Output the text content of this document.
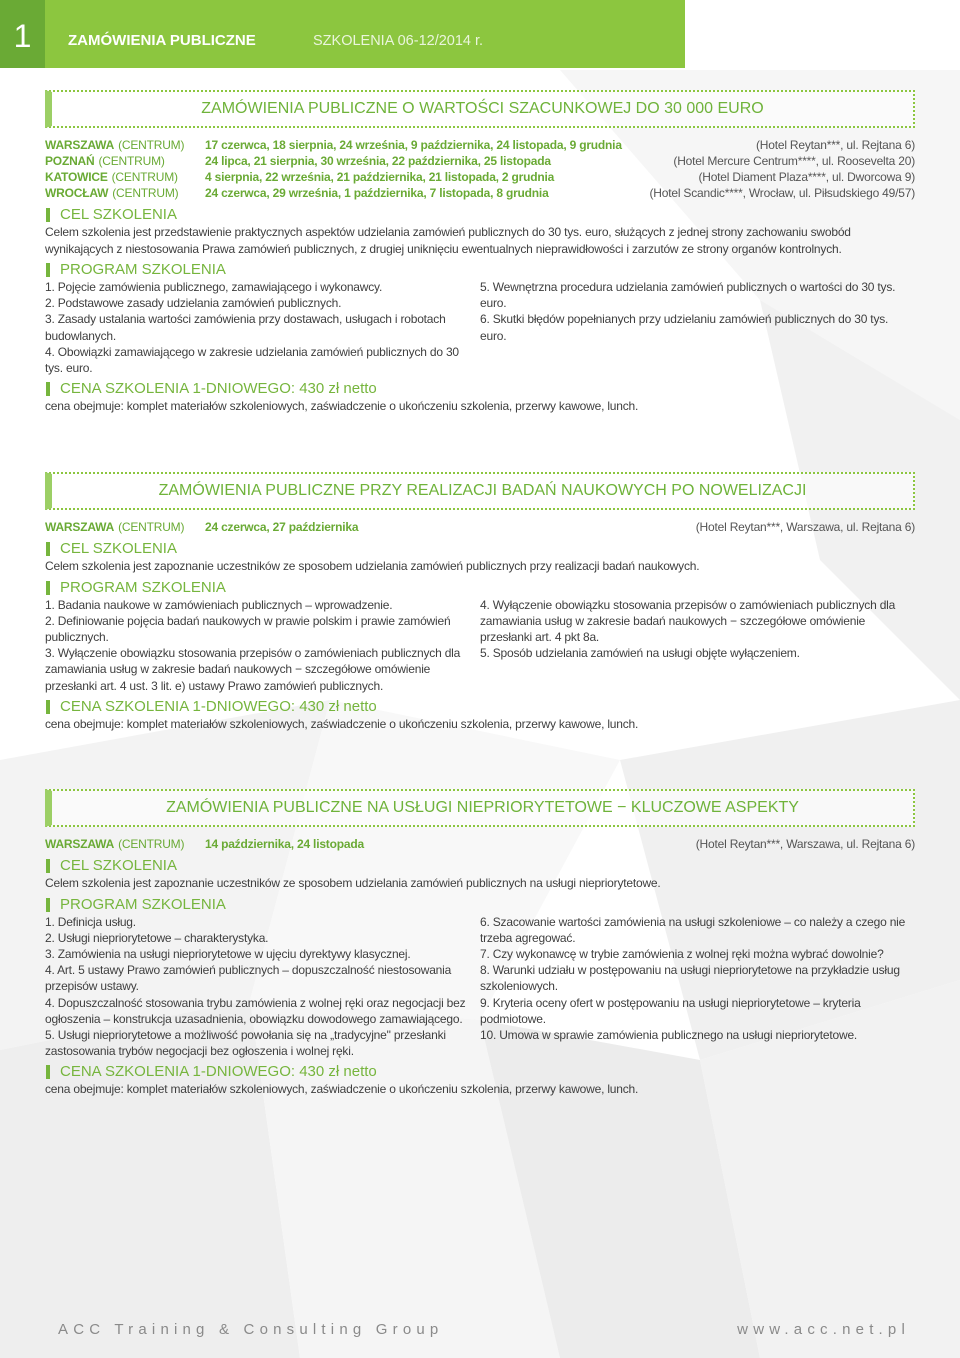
1	ZAMÓWIENIA PUBLICZNE	SZKOLENIA 06-12/2014 r.
ZAMÓWIENIA PUBLICZNE O WARTOŚCI SZACUNKOWEJ DO 30 000 EURO
WARSZAWA (CENTRUM)	17 czerwca, 18 sierpnia, 24 września, 9 października, 24 listopada, 9 grudnia	(Hotel Reytan***, ul. Rejtana 6)
POZNAŃ (CENTRUM)	24 lipca, 21 sierpnia, 30 września, 22 października, 25 listopada	(Hotel Mercure Centrum****, ul. Roosevelta 20)
KATOWICE (CENTRUM)	4 sierpnia, 22 września, 21 października, 21 listopada, 2 grudnia	(Hotel Diament Plaza****, ul. Dworcowa 9)
WROCŁAW (CENTRUM)	24 czerwca, 29 września, 1 października, 7 listopada, 8 grudnia	(Hotel Scandic****, Wrocław, ul. Piłsudskiego 49/57)
CEL SZKOLENIA
Celem szkolenia jest przedstawienie praktycznych aspektów udzielania zamówień publicznych do 30 tys. euro, służących z jednej strony zachowaniu swobód wynikających z niestosowania Prawa zamówień publicznych, z drugiej uniknięciu ewentualnych nieprawidłowości i zarzutów ze strony organów kontrolnych.
PROGRAM SZKOLENIA
1. Pojęcie zamówienia publicznego, zamawiającego i wykonawcy.
2. Podstawowe zasady udzielania zamówień publicznych.
3. Zasady ustalania wartości zamówienia przy dostawach, usługach i robotach budowlanych.
4. Obowiązki zamawiającego w zakresie udzielania zamówień publicznych do 30 tys. euro.
5. Wewnętrzna procedura udzielania zamówień publicznych o wartości do 30 tys. euro.
6. Skutki błędów popełnianych przy udzielaniu zamówień publicznych do 30 tys. euro.
CENA SZKOLENIA 1-DNIOWEGO: 430 zł netto
cena obejmuje: komplet materiałów szkoleniowych, zaświadczenie o ukończeniu szkolenia, przerwy kawowe, lunch.
ZAMÓWIENIA PUBLICZNE PRZY REALIZACJI BADAŃ NAUKOWYCH PO NOWELIZACJI
WARSZAWA (CENTRUM)	24 czerwca, 27 października	(Hotel Reytan***, Warszawa, ul. Rejtana 6)
CEL SZKOLENIA
Celem szkolenia jest zapoznanie uczestników ze sposobem udzielania zamówień publicznych przy realizacji badań naukowych.
PROGRAM SZKOLENIA
1. Badania naukowe w zamówieniach publicznych – wprowadzenie.
2. Definiowanie pojęcia badań naukowych w prawie polskim i prawie zamówień publicznych.
3. Wyłączenie obowiązku stosowania przepisów o zamówieniach publicznych dla zamawiania usług w zakresie badań naukowych − szczegółowe omówienie przesłanki art. 4 ust. 3 lit. e) ustawy Prawo zamówień publicznych.
4. Wyłączenie obowiązku stosowania przepisów o zamówieniach publicznych dla zamawiania usług w zakresie badań naukowych − szczegółowe omówienie przesłanki art. 4 pkt 8a.
5. Sposób udzielania zamówień na usługi objęte wyłączeniem.
CENA SZKOLENIA 1-DNIOWEGO: 430 zł netto
cena obejmuje: komplet materiałów szkoleniowych, zaświadczenie o ukończeniu szkolenia, przerwy kawowe, lunch.
ZAMÓWIENIA PUBLICZNE NA USŁUGI NIEPRIORYTETOWE − KLUCZOWE ASPEKTY
WARSZAWA (CENTRUM)	14 października, 24 listopada	(Hotel Reytan***, Warszawa, ul. Rejtana 6)
CEL SZKOLENIA
Celem szkolenia jest zapoznanie uczestników ze sposobem udzielania zamówień publicznych na usługi niepriorytetowe.
PROGRAM SZKOLENIA
1. Definicja usług.
2. Usługi niepriorytetowe – charakterystyka.
3. Zamówienia na usługi niepriorytetowe w ujęciu dyrektywy klasycznej.
4. Art. 5 ustawy Prawo zamówień publicznych – dopuszczalność niestosowania przepisów ustawy.
4. Dopuszczalność stosowania trybu zamówienia z wolnej ręki oraz negocjacji bez ogłoszenia – konstrukcja uzasadnienia, obowiązku dowodowego zamawiającego.
5. Usługi niepriorytetowe a możliwość powołania się na „tradycyjne" przesłanki zastosowania trybów negocjacji bez ogłoszenia i wolnej ręki.
6. Szacowanie wartości zamówienia na usługi szkoleniowe – co należy a czego nie trzeba agregować.
7. Czy wykonawcę w trybie zamówienia z wolnej ręki można wybrać dowolnie?
8. Warunki udziału w postępowaniu na usługi niepriorytetowe na przykładzie usług szkoleniowych.
9. Kryteria oceny ofert w postępowaniu na usługi niepriorytetowe – kryteria podmiotowe.
10. Umowa w sprawie zamówienia publicznego na usługi niepriorytetowe.
CENA SZKOLENIA 1-DNIOWEGO: 430 zł netto
cena obejmuje: komplet materiałów szkoleniowych, zaświadczenie o ukończeniu szkolenia, przerwy kawowe, lunch.
ACC Training & Consulting Group	www.acc.net.pl
